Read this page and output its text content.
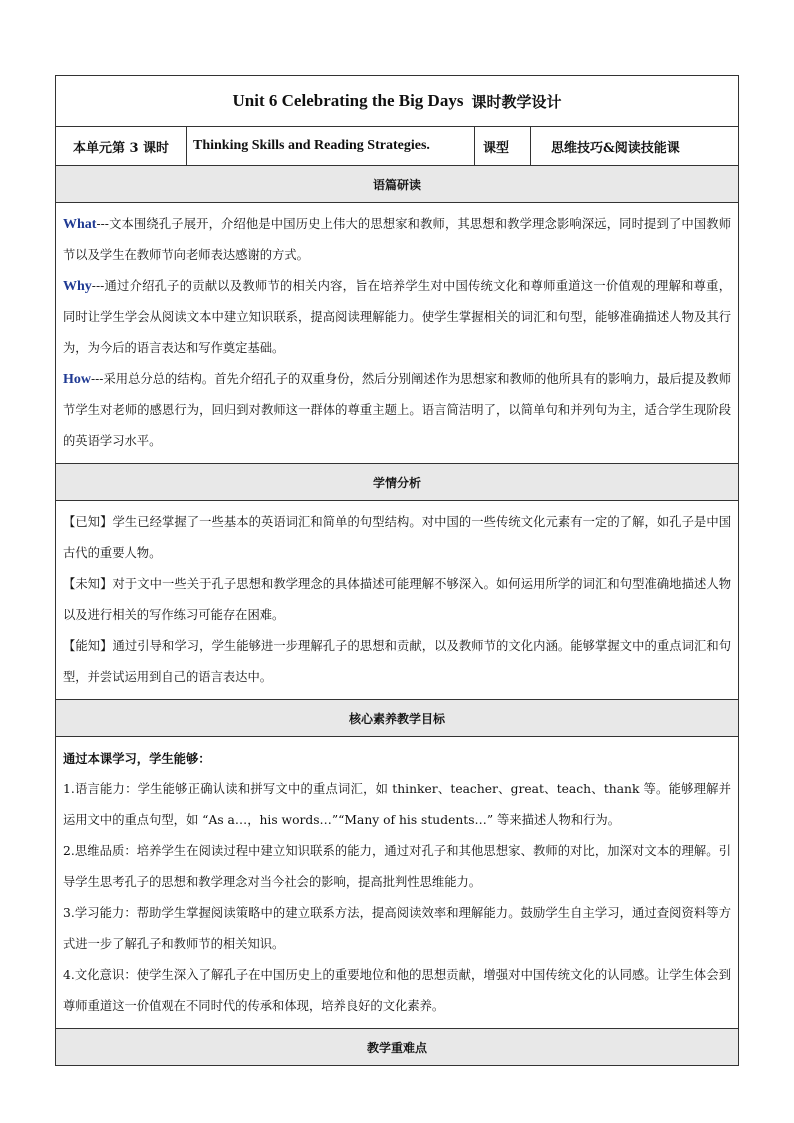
Unit 6 Celebrating the Big Days 课时教学设计
本单元第 3 课时	Thinking Skills and Reading Strategies.	课型	思维技巧&阅读技能课
语篇研读

What---文本围绕孔子展开，介绍他是中国历史上伟大的思想家和教师，其思想和教学理念影响深远，同时提到了中国教师节以及学生在教师节向老师表达感谢的方式。

Why---通过介绍孔子的贡献以及教师节的相关内容，旨在培养学生对中国传统文化和尊师重道这一价值观的理解和尊重，同时让学生学会从阅读文本中建立知识联系，提高阅读理解能力。使学生掌握相关的词汇和句型，能够准确描述人物及其行为，为今后的语言表达和写作奠定基础。

How---采用总分总的结构。首先介绍孔子的双重身份，然后分别阐述作为思想家和教师的他所具有的影响力，最后提及教师节学生对老师的感恩行为，回归到对教师这一群体的尊重主题上。语言简洁明了，以简单句和并列句为主，适合学生现阶段的英语学习水平。

学情分析

【已知】学生已经掌握了一些基本的英语词汇和简单的句型结构。对中国的一些传统文化元素有一定的了解，如孔子是中国古代的重要人物。

【未知】对于文中一些关于孔子思想和教学理念的具体描述可能理解不够深入。如何运用所学的词汇和句型准确地描述人物以及进行相关的写作练习可能存在困难。

【能知】通过引导和学习，学生能够进一步理解孔子的思想和贡献，以及教师节的文化内涵。能够掌握文中的重点词汇和句型，并尝试运用到自己的语言表达中。

核心素养教学目标

通过本课学习，学生能够：

1.语言能力：学生能够正确认读和拼写文中的重点词汇，如 thinker、teacher、great、teach、thank 等。能够理解并运用文中的重点句型，如 “As a…，his words…”“Many of his students…” 等来描述人物和行为。

2.思维品质：培养学生在阅读过程中建立知识联系的能力，通过对孔子和其他思想家、教师的对比，加深对文本的理解。引导学生思考孔子的思想和教学理念对当今社会的影响，提高批判性思维能力。

3.学习能力：帮助学生掌握阅读策略中的建立联系方法，提高阅读效率和理解能力。鼓励学生自主学习，通过查阅资料等方式进一步了解孔子和教师节的相关知识。

4.文化意识：使学生深入了解孔子在中国历史上的重要地位和他的思想贡献，增强对中国传统文化的认同感。让学生体会到尊师重道这一价值观在不同时代的传承和体现，培养良好的文化素养。

教学重难点
